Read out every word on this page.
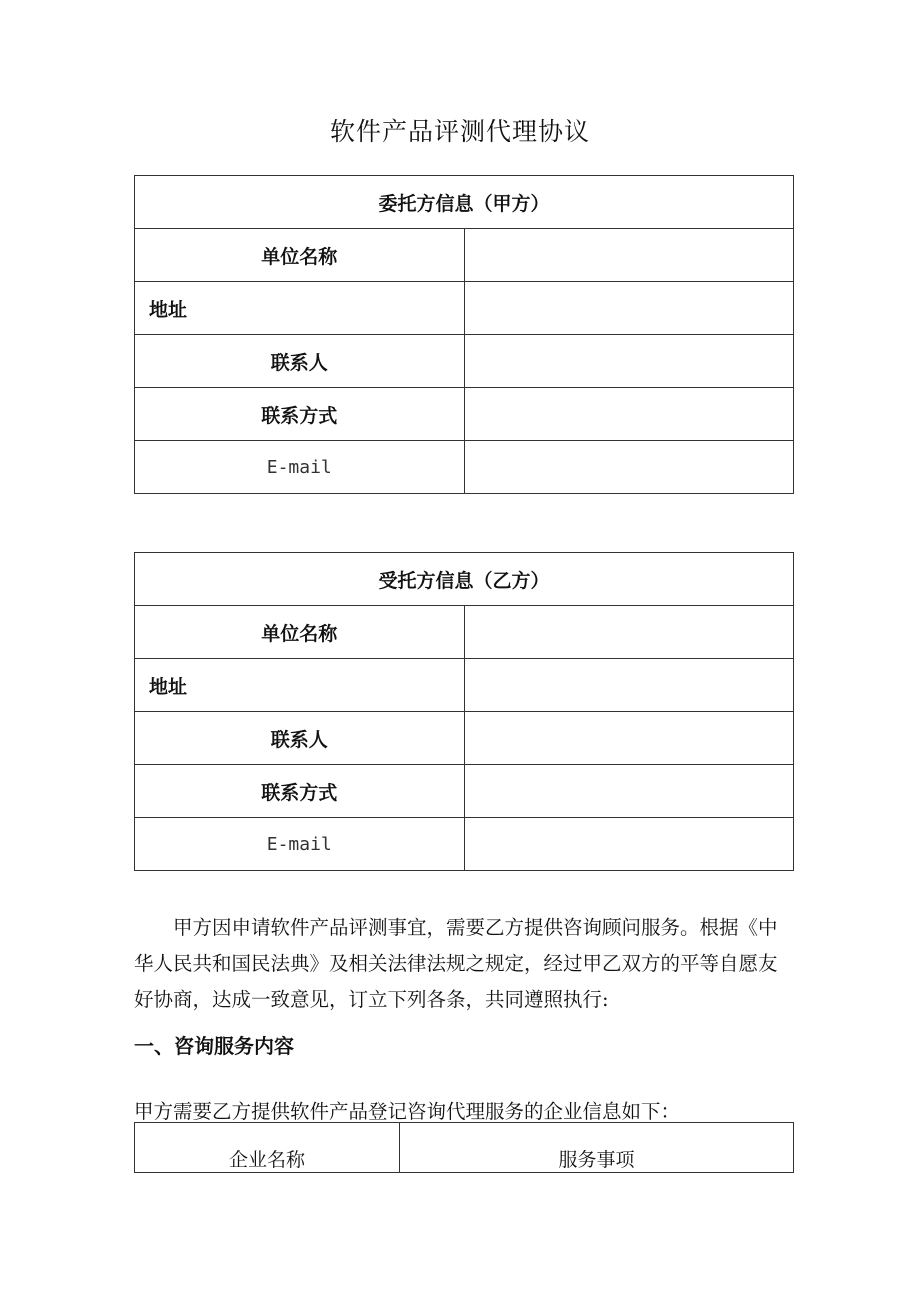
软件产品评测代理协议
委托方信息（甲方）	
单位名称	
地址	
联系人	
联系方式	
E-mail	
受托方信息（乙方）	
单位名称	
地址	
联系人	
联系方式	
E-mail	

甲方因申请软件产品评测事宜，需要乙方提供咨询顾问服务。根据《中华人民共和国民法典》及相关法律法规之规定，经过甲乙双方的平等自愿友好协商，达成一致意见，订立下列各条，共同遵照执行:

一、咨询服务内容

甲方需要乙方提供软件产品登记咨询代理服务的企业信息如下：

企业名称	服务事项
